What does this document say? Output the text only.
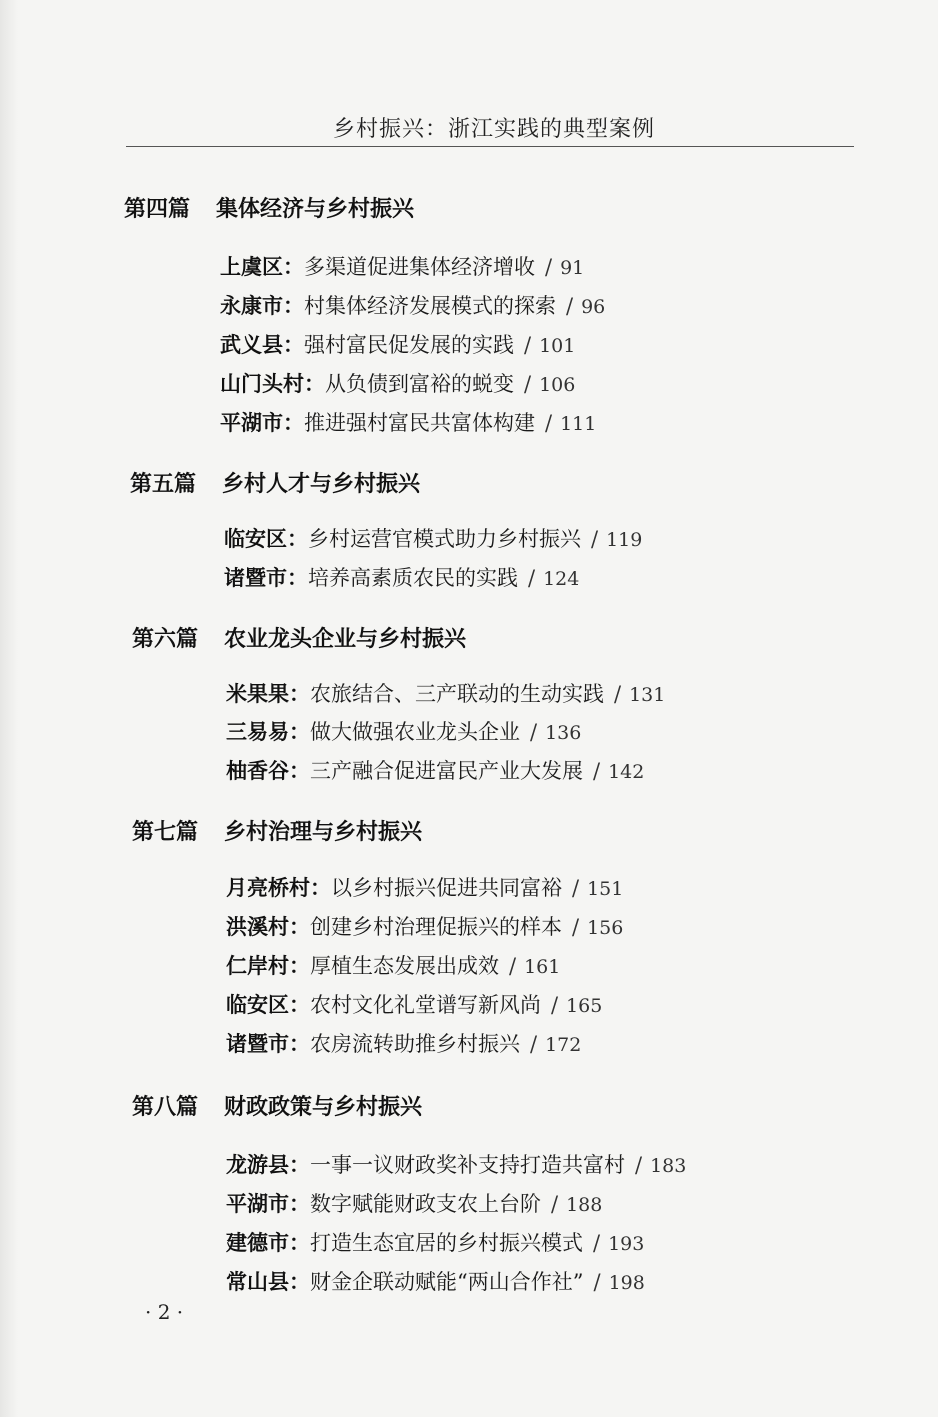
乡村振兴：浙江实践的典型案例
第四篇 集体经济与乡村振兴
上虞区：多渠道促进集体经济增收 / 91
永康市：村集体经济发展模式的探索 / 96
武义县：强村富民促发展的实践 / 101
山门头村：从负债到富裕的蜕变 / 106
平湖市：推进强村富民共富体构建 / 111
第五篇 乡村人才与乡村振兴
临安区：乡村运营官模式助力乡村振兴 / 119
诸暨市：培养高素质农民的实践 / 124
第六篇 农业龙头企业与乡村振兴
米果果：农旅结合、三产联动的生动实践 / 131
三易易：做大做强农业龙头企业 / 136
柚香谷：三产融合促进富民产业大发展 / 142
第七篇 乡村治理与乡村振兴
月亮桥村：以乡村振兴促进共同富裕 / 151
洪溪村：创建乡村治理促振兴的样本 / 156
仁岸村：厚植生态发展出成效 / 161
临安区：农村文化礼堂谱写新风尚 / 165
诸暨市：农房流转助推乡村振兴 / 172
第八篇 财政政策与乡村振兴
龙游县：一事一议财政奖补支持打造共富村 / 183
平湖市：数字赋能财政支农上台阶 / 188
建德市：打造生态宜居的乡村振兴模式 / 193
常山县：财金企联动赋能“两山合作社” / 198
· 2 ·
